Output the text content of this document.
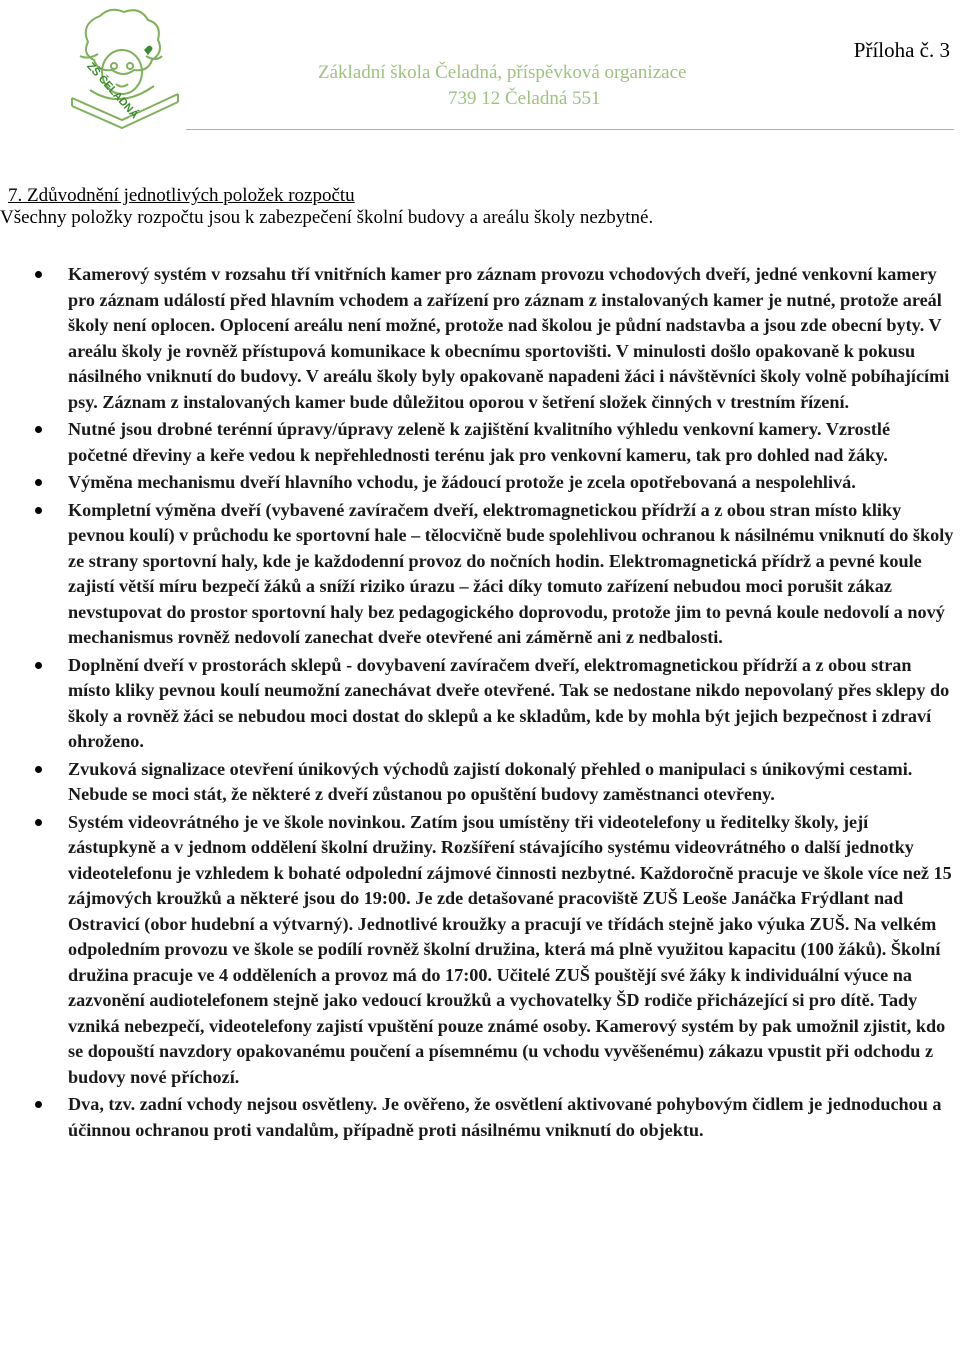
ZŠ ČELADNÁ
Příloha č. 3
Základní škola Čeladná, příspěvková organizace
739 12 Čeladná 551
7. Zdůvodnění jednotlivých položek rozpočtu
Všechny položky rozpočtu jsou k zabezpečení školní budovy a areálu školy nezbytné.
Kamerový systém v rozsahu tří vnitřních kamer pro záznam provozu vchodových dveří, jedné venkovní kamery pro záznam událostí před hlavním vchodem a zařízení pro záznam z instalovaných kamer je nutné, protože areál školy není oplocen. Oplocení areálu není možné, protože nad školou je půdní nadstavba a jsou zde obecní byty. V areálu školy je rovněž přístupová komunikace k obecnímu sportovišti. V minulosti došlo opakovaně k pokusu násilného vniknutí do budovy. V areálu školy byly opakovaně napadeni žáci i návštěvníci školy volně pobíhajícími psy. Záznam z instalovaných kamer bude důležitou oporou v šetření složek činných v trestním řízení.
Nutné jsou drobné terénní úpravy/úpravy zeleně k zajištění kvalitního výhledu venkovní kamery. Vzrostlé početné dřeviny a keře vedou k nepřehlednosti terénu jak pro venkovní kameru, tak pro dohled nad žáky.
Výměna mechanismu dveří hlavního vchodu, je žádoucí protože je zcela opotřebovaná a nespolehlivá.
Kompletní výměna dveří (vybavené zavíračem dveří, elektromagnetickou přídrží a z obou stran místo kliky pevnou koulí) v průchodu ke sportovní hale – tělocvičně bude spolehlivou ochranou k násilnému vniknutí do školy ze strany sportovní haly, kde je každodenní provoz do nočních hodin. Elektromagnetická přídrž a pevné koule zajistí větší míru bezpečí žáků a sníží riziko úrazu – žáci díky tomuto zařízení nebudou moci porušit zákaz nevstupovat do prostor sportovní haly bez pedagogického doprovodu, protože jim to pevná koule nedovolí a nový mechanismus rovněž nedovolí zanechat dveře otevřené ani záměrně ani z nedbalosti.
Doplnění dveří v prostorách sklepů - dovybavení zavíračem dveří, elektromagnetickou přídrží a z obou stran místo kliky pevnou koulí neumožní zanechávat dveře otevřené. Tak se nedostane nikdo nepovolaný přes sklepy do školy a rovněž žáci se nebudou moci dostat do sklepů a ke skladům, kde by mohla být jejich bezpečnost i zdraví ohroženo.
Zvuková signalizace otevření únikových východů zajistí dokonalý přehled o manipulaci s únikovými cestami. Nebude se moci stát, že některé z dveří zůstanou po opuštění budovy zaměstnanci otevřeny.
Systém videovrátného je ve škole novinkou. Zatím jsou umístěny tři videotelefony u ředitelky školy, její zástupkyně a v jednom oddělení školní družiny. Rozšíření stávajícího systému videovrátného o další jednotky videotelefonu je vzhledem k bohaté odpolední zájmové činnosti nezbytné. Každoročně pracuje ve škole více než 15 zájmových kroužků a některé jsou do 19:00. Je zde detašované pracoviště ZUŠ Leoše Janáčka Frýdlant nad Ostravicí (obor hudební a výtvarný). Jednotlivé kroužky a pracují ve třídách stejně jako výuka ZUŠ. Na velkém odpoledním provozu ve škole se podílí rovněž školní družina, která má plně využitou kapacitu (100 žáků). Školní družina pracuje ve 4 odděleních a provoz má do 17:00. Učitelé ZUŠ pouštějí své žáky k individuální výuce na zazvonění audiotelefonem stejně jako vedoucí kroužků a vychovatelky ŠD rodiče přicházející si pro dítě. Tady vzniká nebezpečí, videotelefony zajistí vpuštění pouze známé osoby. Kamerový systém by pak umožnil zjistit, kdo se dopouští navzdory opakovanému poučení a písemnému (u vchodu vyvěšenému) zákazu vpustit při odchodu z budovy nové příchozí.
Dva, tzv. zadní vchody nejsou osvětleny. Je ověřeno, že osvětlení aktivované pohybovým čidlem je jednoduchou a účinnou ochranou proti vandalům, případně proti násilnému vniknutí do objektu.
